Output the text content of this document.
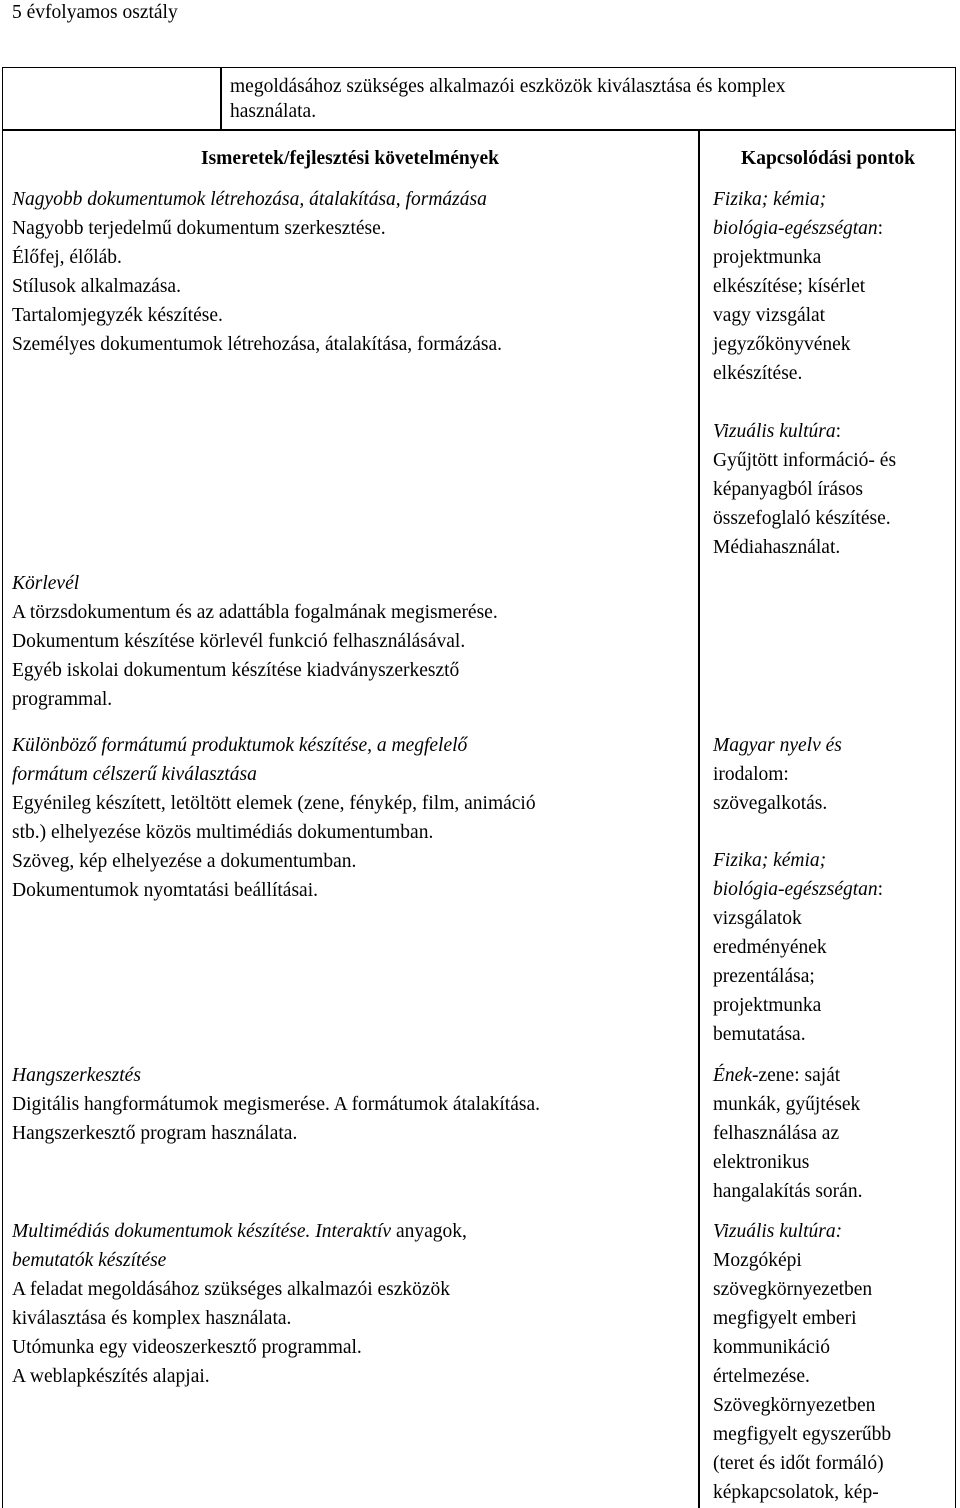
5 évfolyamos osztály
megoldásához szükséges alkalmazói eszközök kiválasztása és komplex
használata.
Ismeretek/fejlesztési követelmények	Kapcsolódási pontok
Nagyobb dokumentumok létrehozása, átalakítása, formázása
Nagyobb terjedelmű dokumentum szerkesztése.
Élőfej, élőláb.
Stílusok alkalmazása.
Tartalomjegyzék készítése.
Személyes dokumentumok létrehozása, átalakítása, formázása.
Körlevél
A törzsdokumentum és az adattábla fogalmának megismerése.
Dokumentum készítése körlevél funkció felhasználásával.
Egyéb iskolai dokumentum készítése kiadványszerkesztő
programmal.
Különböző formátumú produktumok készítése, a megfelelő
formátum célszerű kiválasztása
Egyénileg készített, letöltött elemek (zene, fénykép, film, animáció
stb.) elhelyezése közös multimédiás dokumentumban.
Szöveg, kép elhelyezése a dokumentumban.
Dokumentumok nyomtatási beállításai.
Hangszerkesztés
Digitális hangformátumok megismerése. A formátumok átalakítása.
Hangszerkesztő program használata.
Multimédiás dokumentumok készítése. Interaktív anyagok,
bemutatók készítése
A feladat megoldásához szükséges alkalmazói eszközök
kiválasztása és komplex használata.
Utómunka egy videoszerkesztő programmal.
A weblapkészítés alapjai.
Fizika; kémia;
biológia-egészségtan:
projektmunka
elkészítése; kísérlet
vagy vizsgálat
jegyzőkönyvének
elkészítése.
Vizuális kultúra:
Gyűjtött információ- és
képanyagból írásos
összefoglaló készítése.
Médiahasználat.
Magyar nyelv és
irodalom:
szövegalkotás.
Fizika; kémia;
biológia-egészségtan:
vizsgálatok
eredményének
prezentálása;
projektmunka
bemutatása.
Ének-zene: saját
munkák, gyűjtések
felhasználása az
elektronikus
hangalakítás során.
Vizuális kultúra:
Mozgóképi
szövegkörnyezetben
megfigyelt emberi
kommunikáció
értelmezése.
Szövegkörnyezetben
megfigyelt egyszerűbb
(teret és időt formáló)
képkapcsolatok, kép-
